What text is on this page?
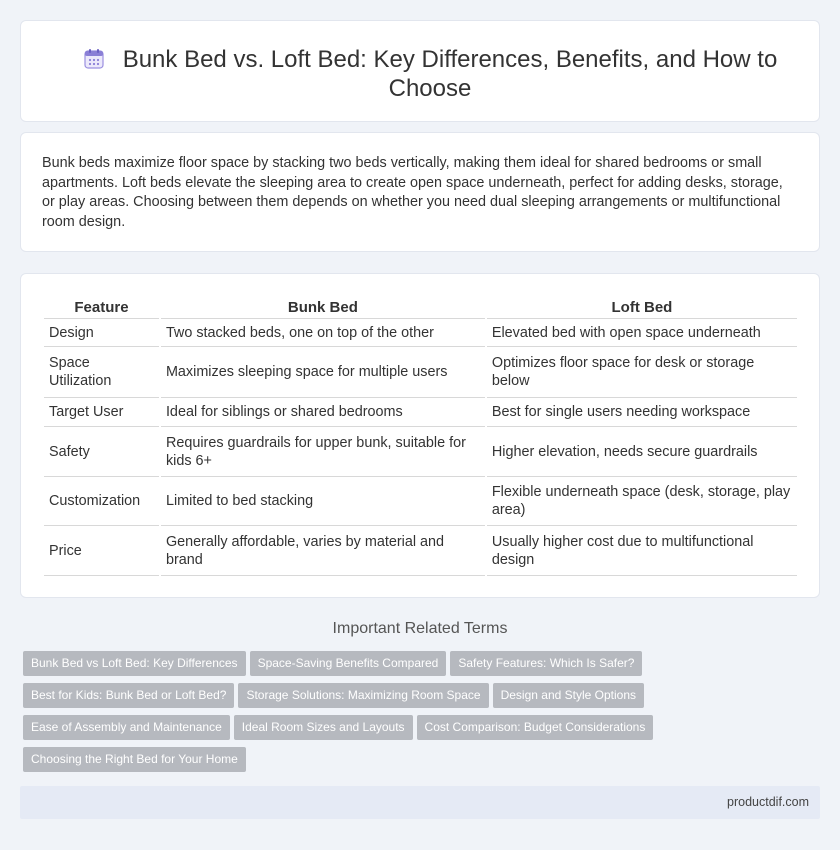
Bunk Bed vs. Loft Bed: Key Differences, Benefits, and How to Choose

Bunk beds maximize floor space by stacking two beds vertically, making them ideal for shared bedrooms or small apartments. Loft beds elevate the sleeping area to create open space underneath, perfect for adding desks, storage, or play areas. Choosing between them depends on whether you need dual sleeping arrangements or multifunctional room design.

Feature	Bunk Bed	Loft Bed
Design	Two stacked beds, one on top of the other	Elevated bed with open space underneath
Space Utilization	Maximizes sleeping space for multiple users	Optimizes floor space for desk or storage below
Target User	Ideal for siblings or shared bedrooms	Best for single users needing workspace
Safety	Requires guardrails for upper bunk, suitable for kids 6+	Higher elevation, needs secure guardrails
Customization	Limited to bed stacking	Flexible underneath space (desk, storage, play area)
Price	Generally affordable, varies by material and brand	Usually higher cost due to multifunctional design
Important Related Terms
Bunk Bed vs Loft Bed: Key Differences Space-Saving Benefits Compared Safety Features: Which Is Safer?
Best for Kids: Bunk Bed or Loft Bed? Storage Solutions: Maximizing Room Space Design and Style Options
Ease of Assembly and Maintenance Ideal Room Sizes and Layouts Cost Comparison: Budget Considerations
Choosing the Right Bed for Your Home
productdif.com
